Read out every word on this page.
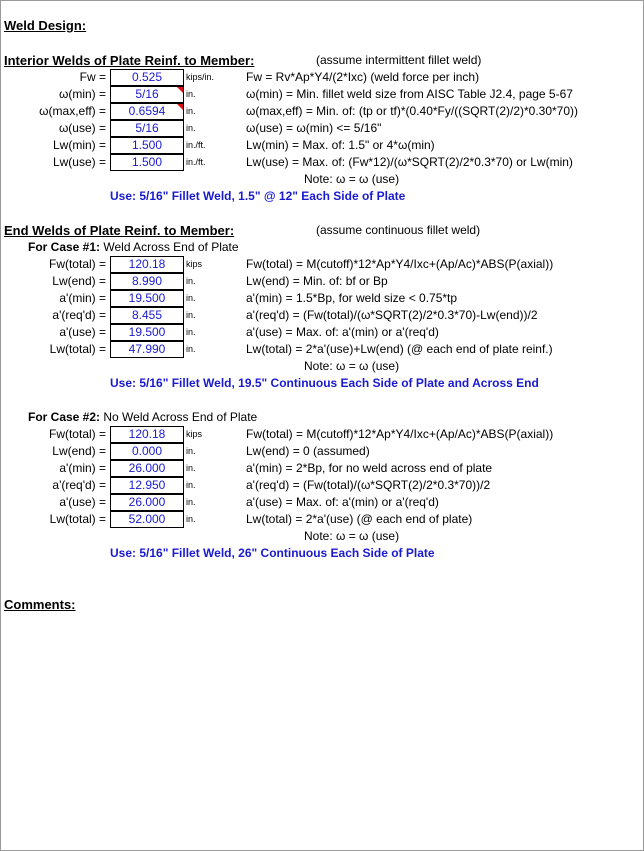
Weld Design:
Interior Welds of Plate Reinf. to Member:	(assume intermittent fillet weld)
Fw =	0.525	kips/in.	Fw = Rv*Ap*Y4/(2*Ixc) (weld force per inch)
ω(min) =	5/16	in.	ω(min) = Min. fillet weld size from AISC Table J2.4, page 5-67
ω(max,eff) =	0.6594	in.	ω(max,eff) = Min. of: (tp or tf)*(0.40*Fy/((SQRT(2)/2)*0.30*70))
ω(use) =	5/16	in.	ω(use) = ω(min) <= 5/16"
Lw(min) =	1.500	in./ft.	Lw(min) = Max. of: 1.5" or 4*ω(min)
Lw(use) =	1.500	in./ft.	Lw(use) = Max. of: (Fw*12)/(ω*SQRT(2)/2*0.3*70) or Lw(min)
Note: ω = ω (use)
Use: 5/16" Fillet Weld, 1.5" @ 12" Each Side of Plate
End Welds of Plate Reinf. to Member:	(assume continuous fillet weld)
For Case #1: Weld Across End of Plate
Fw(total) =	120.18	kips	Fw(total) = M(cutoff)*12*Ap*Y4/Ixc+(Ap/Ac)*ABS(P(axial))
Lw(end) =	8.990	in.	Lw(end) = Min. of: bf or Bp
a'(min) =	19.500	in.	a'(min) = 1.5*Bp, for weld size < 0.75*tp
a'(req'd) =	8.455	in.	a'(req'd) = (Fw(total)/(ω*SQRT(2)/2*0.3*70)-Lw(end))/2
a'(use) =	19.500	in.	a'(use) = Max. of: a'(min) or a'(req'd)
Lw(total) =	47.990	in.	Lw(total) = 2*a'(use)+Lw(end) (@ each end of plate reinf.)
Note: ω = ω (use)
Use: 5/16" Fillet Weld, 19.5" Continuous Each Side of Plate and Across End
For Case #2: No Weld Across End of Plate
Fw(total) =	120.18	kips	Fw(total) = M(cutoff)*12*Ap*Y4/Ixc+(Ap/Ac)*ABS(P(axial))
Lw(end) =	0.000	in.	Lw(end) = 0 (assumed)
a'(min) =	26.000	in.	a'(min) = 2*Bp, for no weld across end of plate
a'(req'd) =	12.950	in.	a'(req'd) = (Fw(total)/(ω*SQRT(2)/2*0.3*70))/2
a'(use) =	26.000	in.	a'(use) = Max. of: a'(min) or a'(req'd)
Lw(total) =	52.000	in.	Lw(total) = 2*a'(use) (@ each end of plate)
Note: ω = ω (use)
Use: 5/16" Fillet Weld, 26" Continuous Each Side of Plate
Comments:
